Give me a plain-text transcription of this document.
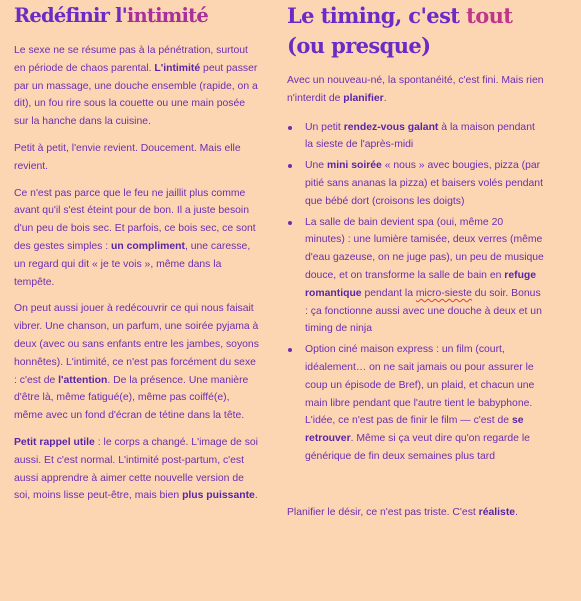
Redéfinir l'intimité

Le sexe ne se résume pas à la pénétration, surtout en période de chaos parental. L'intimité peut passer par un massage, une douche ensemble (rapide, on a dit), un fou rire sous la couette ou une main posée sur la hanche dans la cuisine.

Petit à petit, l'envie revient. Doucement. Mais elle revient.

Ce n'est pas parce que le feu ne jaillit plus comme avant qu'il s'est éteint pour de bon. Il a juste besoin d'un peu de bois sec. Et parfois, ce bois sec, ce sont des gestes simples : un compliment, une caresse, un regard qui dit « je te vois », même dans la tempête.

On peut aussi jouer à redécouvrir ce qui nous faisait vibrer. Une chanson, un parfum, une soirée pyjama à deux (avec ou sans enfants entre les jambes, soyons honnêtes). L'intimité, ce n'est pas forcément du sexe : c'est de l'attention. De la présence. Une manière d'être là, même fatigué(e), même pas coiffé(e), même avec un fond d'écran de tétine dans la tête.

Petit rappel utile : le corps a changé. L'image de soi aussi. Et c'est normal. L'intimité post-partum, c'est aussi apprendre à aimer cette nouvelle version de soi, moins lisse peut-être, mais bien plus puissante.

Le timing, c'est tout
(ou presque)

Avec un nouveau-né, la spontanéité, c'est fini. Mais rien n'interdit de planifier.

Un petit rendez-vous galant à la maison pendant la sieste de l'après-midi
Une mini soirée « nous » avec bougies, pizza (par pitié sans ananas la pizza) et baisers volés pendant que bébé dort (croisons les doigts)
La salle de bain devient spa (oui, même 20 minutes) : une lumière tamisée, deux verres (même d'eau gazeuse, on ne juge pas), un peu de musique douce, et on transforme la salle de bain en refuge romantique pendant la micro-sieste du soir. Bonus : ça fonctionne aussi avec une douche à deux et un timing de ninja
Option ciné maison express : un film (court, idéalement… on ne sait jamais ou pour assurer le coup un épisode de Bref), un plaid, et chacun une main libre pendant que l'autre tient le babyphone. L'idée, ce n'est pas de finir le film — c'est de se retrouver. Même si ça veut dire qu'on regarde le générique de fin deux semaines plus tard

Planifier le désir, ce n'est pas triste. C'est réaliste.
